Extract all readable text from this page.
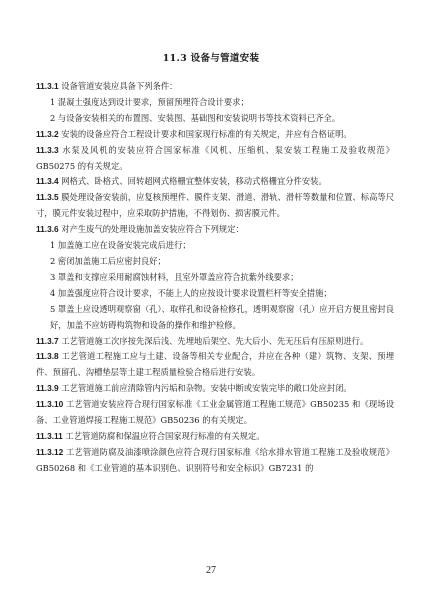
11.3 设备与管道安装

11.3.1 设备管道安装应具备下列条件：

1 混凝土强度达到设计要求，预留预埋符合设计要求；

2 与设备安装相关的布置图、安装图、基础图和安装说明书等技术资料已齐全。

11.3.2 安装的设备应符合工程设计要求和国家现行标准的有关规定，并应有合格证明。

11.3.3 水泵及风机的安装应符合国家标准《风机、压缩机、泵安装工程施工及验收规范》GB50275 的有关规定。

11.3.4 网格式、卧格式、回转超网式格栅宜整体安装，移动式格栅宜分件安装。

11.3.5 膜处理设备安装前，应复核预埋件、膜件支架、滑道、滑轨、滑杆等数量和位置、标高等尺寸，膜元件安装过程中，应采取防护措施，不得划伤、损害膜元件。

11.3.6 对产生废气的处理设施加盖安装应符合下列规定：

1 加盖施工应在设备安装完成后进行；

2 密闭加盖施工后应密封良好；

3 罩盖和支撑应采用耐腐蚀材料，且室外罩盖应符合抗紫外线要求；

4 加盖强度应符合设计要求，不能上人的应按设计要求设置栏杆等安全措施；

5 罩盖上应设透明观察窗（孔）、取样孔和设备检修孔，透明观察窗（孔）应开启方便且密封良好，加盖不应妨碍构筑物和设备的操作和维护检修。

11.3.7 工艺管道施工次序按先深后浅、先埋地后架空、先大后小、先无压后有压原则进行。

11.3.8 工艺管道工程施工应与土建、设备等相关专业配合，并应在各种（建）筑物、支架、预埋件、预留孔、沟槽垫层等土建工程质量检验合格后进行安装。

11.3.9 工艺管道施工前应清除管内污垢和杂物。安装中断或安装完毕的敞口处应封闭。

11.3.10 工艺管道安装应符合现行国家标准《工业金属管道工程施工规范》GB50235 和《现场设备、工业管道焊接工程施工规范》GB50236 的有关规定。

11.3.11 工艺管道防腐和保温应符合国家现行标准的有关规定。

11.3.12 工艺管道防腐及油漆喷涂颜色应符合现行国家标准《给水排水管道工程施工及验收规范》GB50268 和《工业管道的基本识别色、识别符号和安全标识》GB7231 的

27
